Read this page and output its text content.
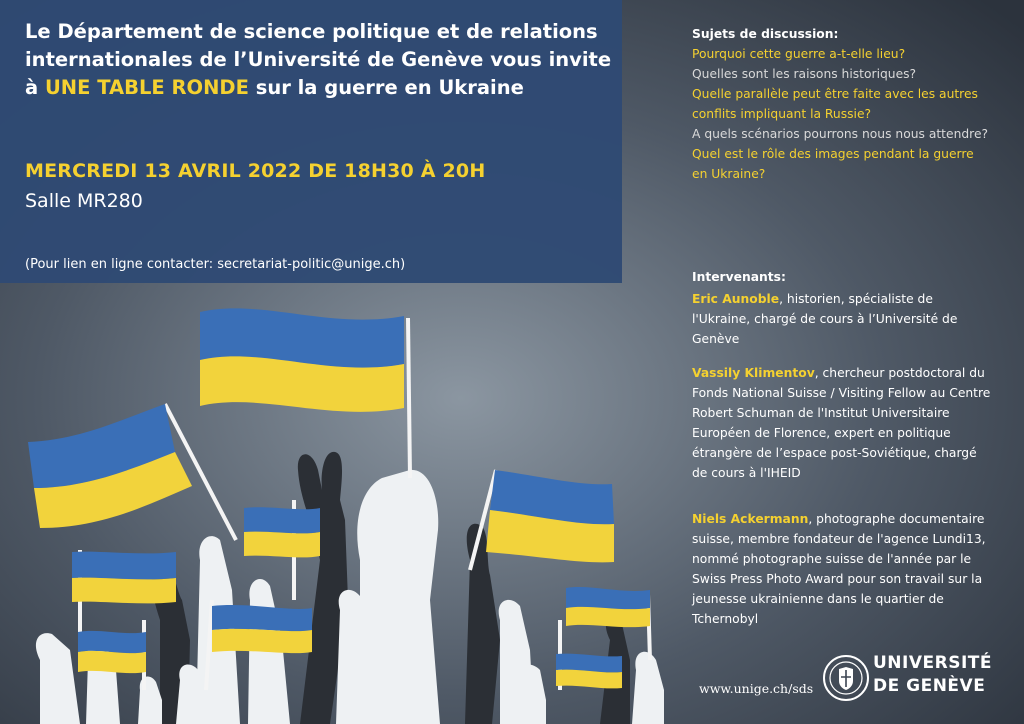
Le Département de science politique et de relations internationales de l’Université de Genève vous invite à UNE TABLE RONDE sur la guerre en Ukraine
MERCREDI 13 AVRIL 2022 DE 18H30 À 20H
Salle MR280
(Pour lien en ligne contacter: secretariat-politic@unige.ch)
Sujets de discussion:
Pourquoi cette guerre a-t-elle lieu?
Quelles sont les raisons historiques?
Quelle parallèle peut être faite avec les autres conflits impliquant la Russie?
A quels scénarios pourrons nous nous attendre?
Quel est le rôle des images pendant la guerre en Ukraine?
Intervenants:
Eric Aunoble, historien, spécialiste de l'Ukraine, chargé de cours à l’Université de Genève
Vassily Klimentov, chercheur postdoctoral du Fonds National Suisse / Visiting Fellow au Centre Robert Schuman de l'Institut Universitaire Européen de Florence, expert en politique étrangère de l’espace post-Soviétique, chargé de cours à l'IHEID
Niels Ackermann, photographe documentaire suisse, membre fondateur de l'agence Lundi13, nommé photographe suisse de l'année par le Swiss Press Photo Award pour son travail sur la jeunesse ukrainienne dans le quartier de Tchernobyl
www.unige.ch/sds
UNIVERSITÉ
DE GENÈVE
